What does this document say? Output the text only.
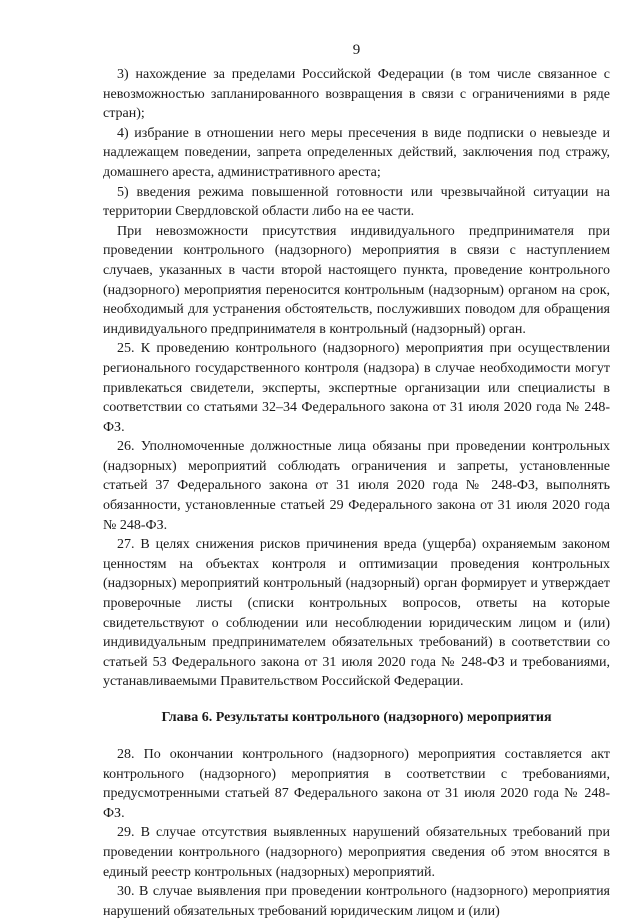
9

3) нахождение за пределами Российской Федерации (в том числе связанное с невозможностью запланированного возвращения в связи с ограничениями в ряде стран);

4) избрание в отношении него меры пресечения в виде подписки о невыезде и надлежащем поведении, запрета определенных действий, заключения под стражу, домашнего ареста, административного ареста;

5) введения режима повышенной готовности или чрезвычайной ситуации на территории Свердловской области либо на ее части.

При невозможности присутствия индивидуального предпринимателя при проведении контрольного (надзорного) мероприятия в связи с наступлением случаев, указанных в части второй настоящего пункта, проведение контрольного (надзорного) мероприятия переносится контрольным (надзорным) органом на срок, необходимый для устранения обстоятельств, послуживших поводом для обращения индивидуального предпринимателя в контрольный (надзорный) орган.

25. К проведению контрольного (надзорного) мероприятия при осуществлении регионального государственного контроля (надзора) в случае необходимости могут привлекаться свидетели, эксперты, экспертные организации или специалисты в соответствии со статьями 32–34 Федерального закона от 31 июля 2020 года № 248-ФЗ.

26. Уполномоченные должностные лица обязаны при проведении контрольных (надзорных) мероприятий соблюдать ограничения и запреты, установленные статьей 37 Федерального закона от 31 июля 2020 года № 248-ФЗ, выполнять обязанности, установленные статьей 29 Федерального закона от 31 июля 2020 года № 248-ФЗ.

27. В целях снижения рисков причинения вреда (ущерба) охраняемым законом ценностям на объектах контроля и оптимизации проведения контрольных (надзорных) мероприятий контрольный (надзорный) орган формирует и утверждает проверочные листы (списки контрольных вопросов, ответы на которые свидетельствуют о соблюдении или несоблюдении юридическим лицом и (или) индивидуальным предпринимателем обязательных требований) в соответствии со статьей 53 Федерального закона от 31 июля 2020 года № 248-ФЗ и требованиями, устанавливаемыми Правительством Российской Федерации.

Глава 6. Результаты контрольного (надзорного) мероприятия

28. По окончании контрольного (надзорного) мероприятия составляется акт контрольного (надзорного) мероприятия в соответствии с требованиями, предусмотренными статьей 87 Федерального закона от 31 июля 2020 года № 248-ФЗ.

29. В случае отсутствия выявленных нарушений обязательных требований при проведении контрольного (надзорного) мероприятия сведения об этом вносятся в единый реестр контрольных (надзорных) мероприятий.

30. В случае выявления при проведении контрольного (надзорного) мероприятия нарушений обязательных требований юридическим лицом и (или)
